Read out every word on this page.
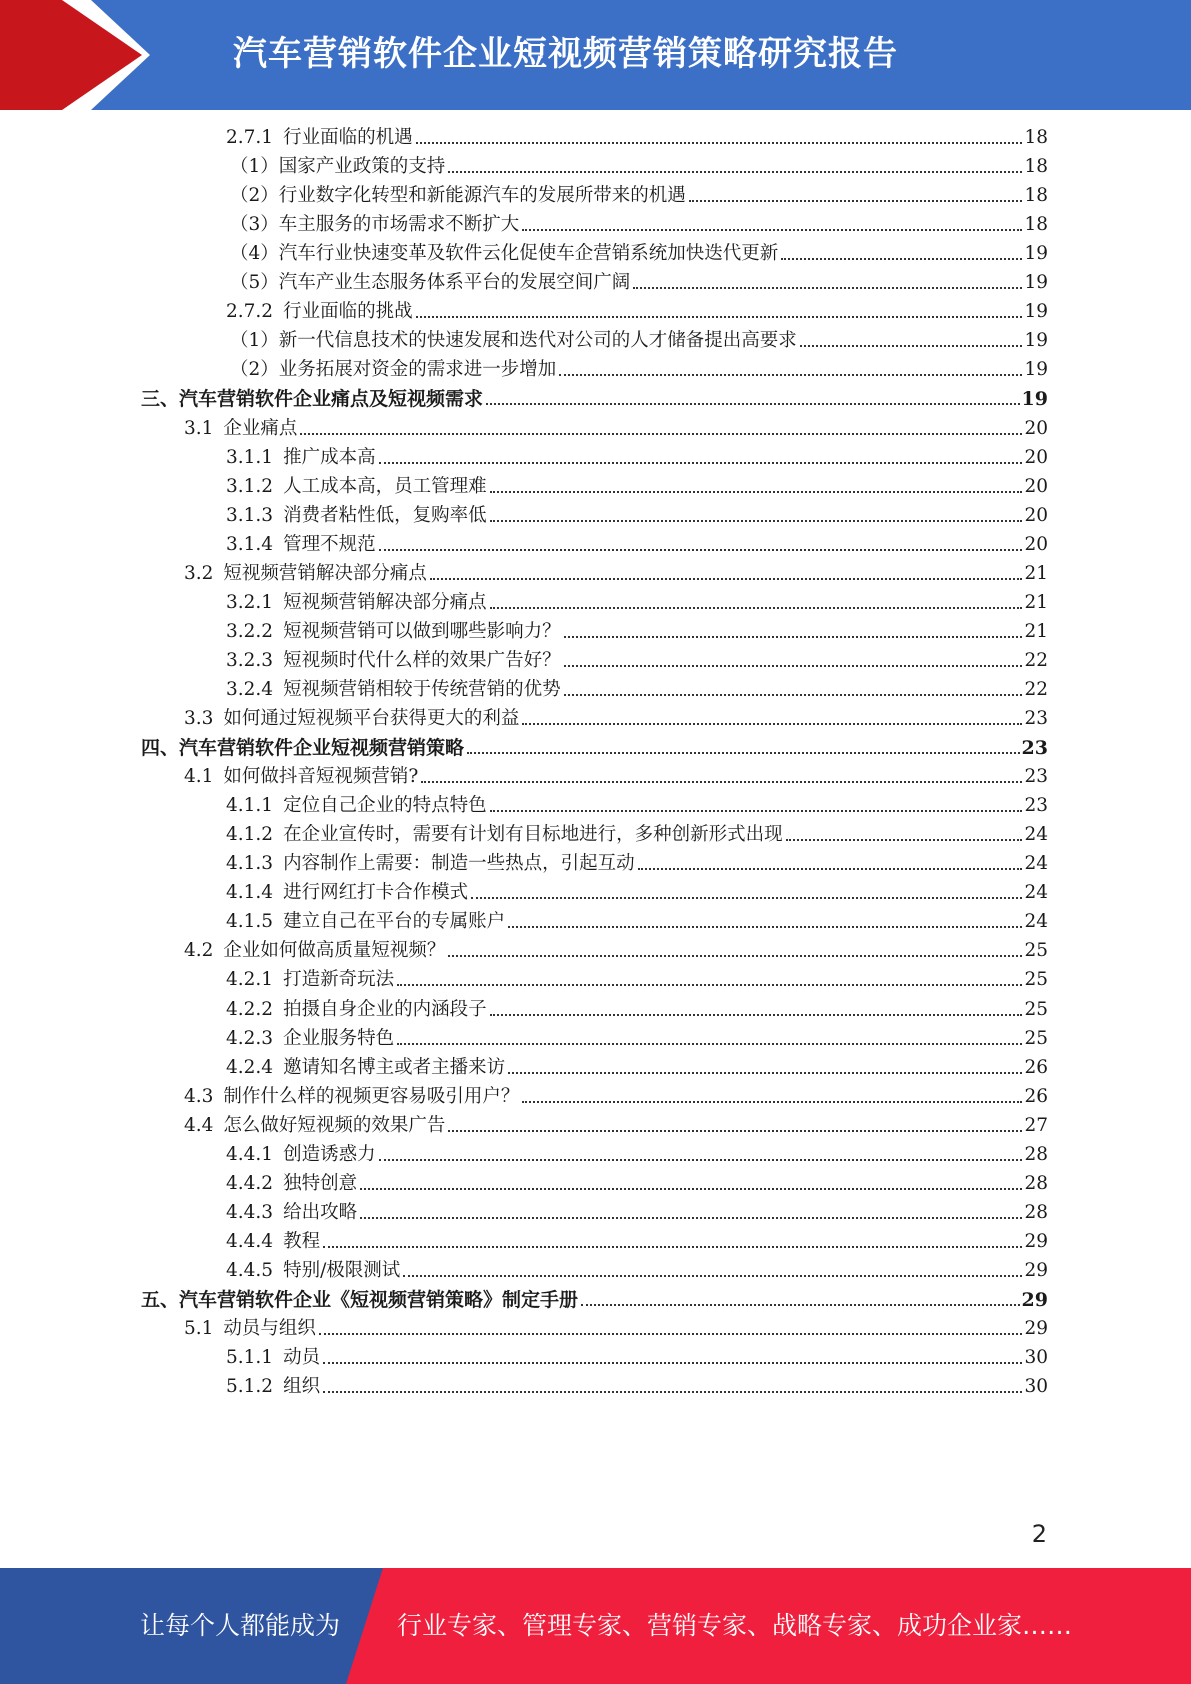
汽车营销软件企业短视频营销策略研究报告
2.7.1 行业面临的机遇	18
（1） 国家产业政策的支持	18
（2） 行业数字化转型和新能源汽车的发展所带来的机遇	18
（3） 车主服务的市场需求不断扩大	18
（4） 汽车行业快速变革及软件云化促使车企营销系统加快迭代更新	19
（5） 汽车产业生态服务体系平台的发展空间广阔	19
2.7.2 行业面临的挑战	19
（1） 新一代信息技术的快速发展和迭代对公司的人才储备提出高要求	19
（2） 业务拓展对资金的需求进一步增加	19
三、 汽车营销软件企业痛点及短视频需求	19
3.1 企业痛点	20
3.1.1 推广成本高	20
3.1.2 人工成本高，员工管理难	20
3.1.3 消费者粘性低，复购率低	20
3.1.4 管理不规范	20
3.2 短视频营销解决部分痛点	21
3.2.1 短视频营销解决部分痛点	21
3.2.2 短视频营销可以做到哪些影响力？	21
3.2.3 短视频时代什么样的效果广告好？	22
3.2.4 短视频营销相较于传统营销的优势	22
3.3 如何通过短视频平台获得更大的利益	23
四、 汽车营销软件企业短视频营销策略	23
4.1 如何做抖音短视频营销?	23
4.1.1 定位自己企业的特点特色	23
4.1.2 在企业宣传时，需要有计划有目标地进行，多种创新形式出现	24
4.1.3 内容制作上需要：制造一些热点，引起互动	24
4.1.4 进行网红打卡合作模式	24
4.1.5 建立自己在平台的专属账户	24
4.2 企业如何做高质量短视频？	25
4.2.1 打造新奇玩法	25
4.2.2 拍摄自身企业的内涵段子	25
4.2.3 企业服务特色	25
4.2.4 邀请知名博主或者主播来访	26
4.3 制作什么样的视频更容易吸引用户？	26
4.4 怎么做好短视频的效果广告	27
4.4.1 创造诱惑力	28
4.4.2 独特创意	28
4.4.3 给出攻略	28
4.4.4 教程	29
4.4.5 特别/极限测试	29
五、 汽车营销软件企业《短视频营销策略》制定手册	29
5.1 动员与组织	29
5.1.1 动员	30
5.1.2 组织	30
2
让每个人都能成为 行业专家、管理专家、营销专家、战略专家、成功企业家……
